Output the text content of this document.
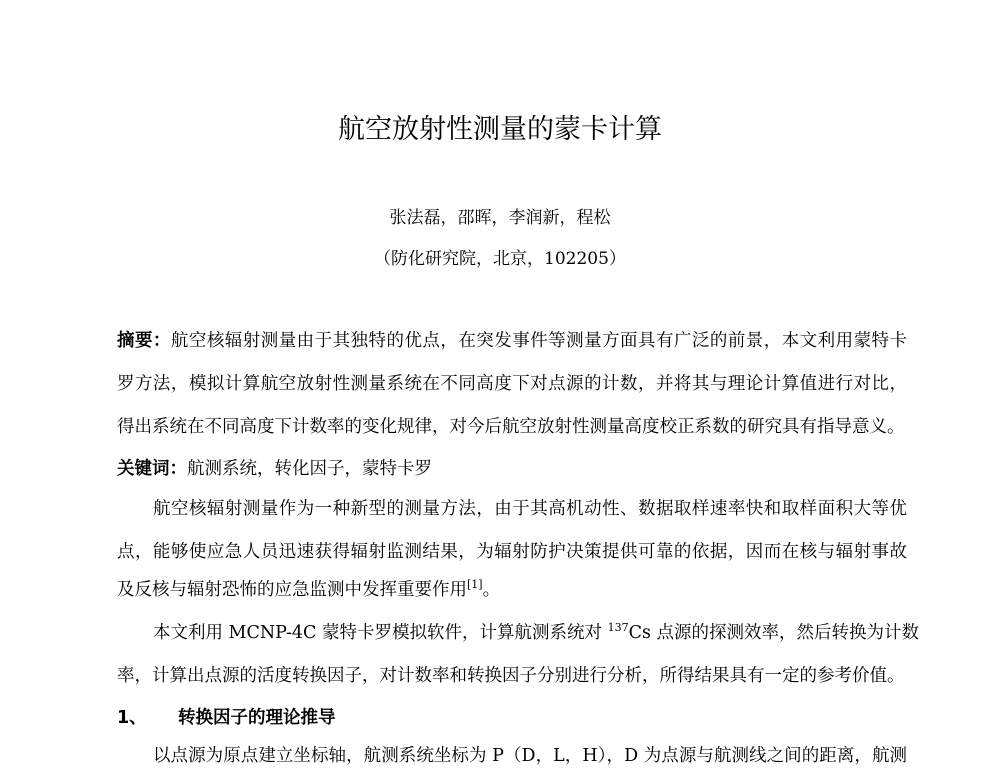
航空放射性测量的蒙卡计算
张法磊，邵晖，李润新，程松
（防化研究院，北京，102205）
摘要：航空核辐射测量由于其独特的优点，在突发事件等测量方面具有广泛的前景，本文利用蒙特卡
罗方法，模拟计算航空放射性测量系统在不同高度下对点源的计数，并将其与理论计算值进行对比，
得出系统在不同高度下计数率的变化规律，对今后航空放射性测量高度校正系数的研究具有指导意义。
关键词：航测系统，转化因子，蒙特卡罗
航空核辐射测量作为一种新型的测量方法，由于其高机动性、数据取样速率快和取样面积大等优
点，能够使应急人员迅速获得辐射监测结果，为辐射防护决策提供可靠的依据，因而在核与辐射事故
及反核与辐射恐怖的应急监测中发挥重要作用[1]。
本文利用 MCNP-4C 蒙特卡罗模拟软件，计算航测系统对 $^{137}$Cs 点源的探测效率，然后转换为计数
率，计算出点源的活度转换因子，对计数率和转换因子分别进行分析，所得结果具有一定的参考价值。
1、 转换因子的理论推导
以点源为原点建立坐标轴，航测系统坐标为 P（D，L，H），D 为点源与航测线之间的距离，航测
